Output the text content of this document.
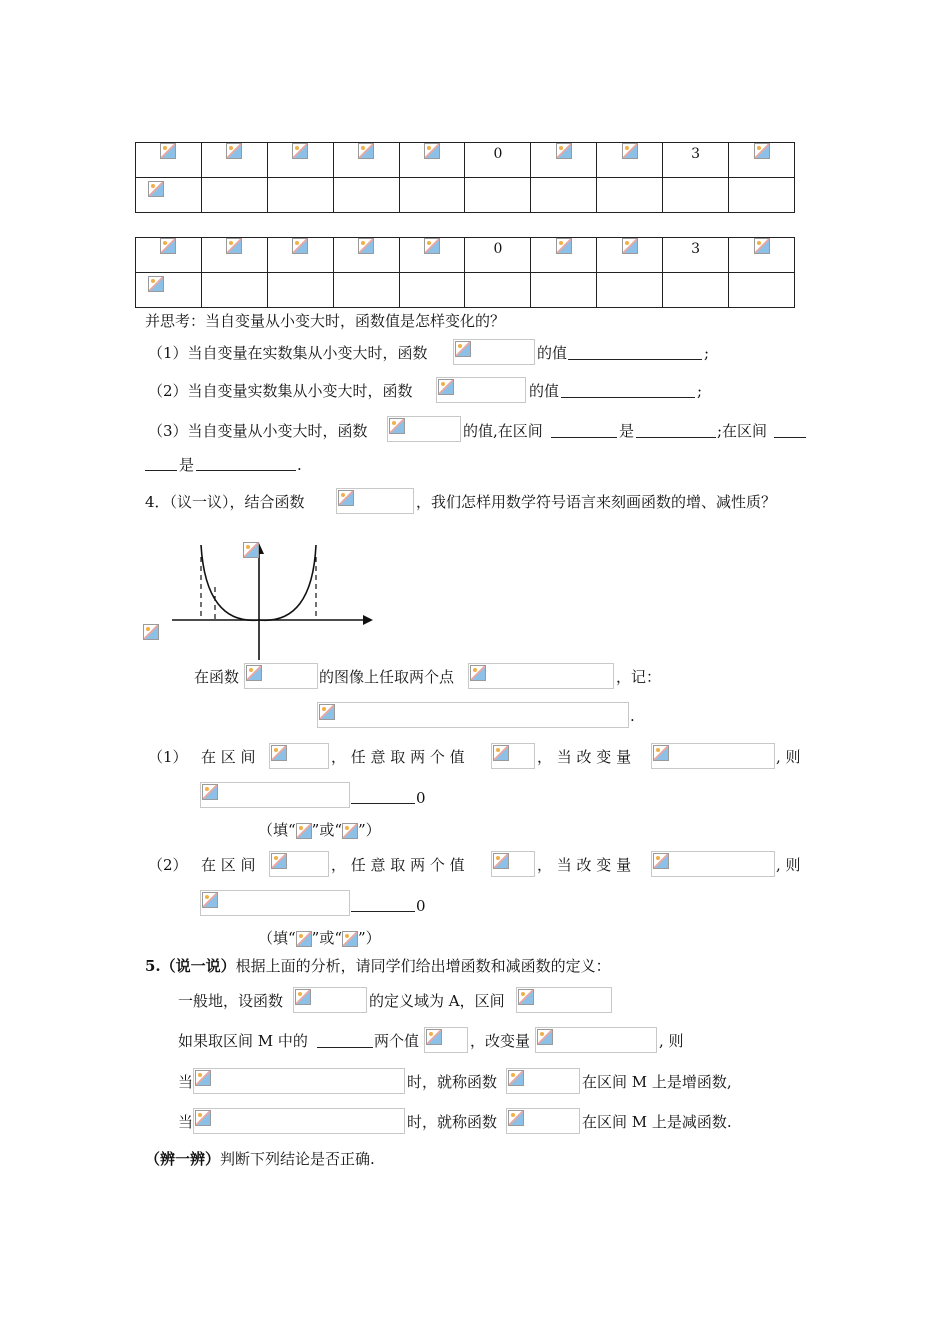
					0			3	

					0			3	

并思考：当自变量从小变大时，函数值是怎样变化的？
（1）当自变量在实数集从小变大时，函数	的值	;
（2）当自变量实数集从小变大时，函数	的值	;
（3）当自变量从小变大时，函数	的值,在区间	是	;在区间
是	.
4．（议一议），结合函数	，我们怎样用数学符号语言来刻画函数的增、减性质？
在函数	的图像上任取两个点	，记：
.
（1） 在 区 间	， 任 意 取 两 个 值	， 当 改 变 量	, 则
0
（填“ ”或“ ”）
（2） 在 区 间	， 任 意 取 两 个 值	， 当 改 变 量	, 则
0
（填“ ”或“ ”）
5.（说一说）根据上面的分析，请同学们给出增函数和减函数的定义：
一般地，设函数	的定义域为 A，区间
如果取区间 M 中的	两个值	，改变量	, 则
当	时，就称函数	在区间 M 上是增函数,
当	时，就称函数	在区间 M 上是减函数.
（辨一辨）判断下列结论是否正确.
